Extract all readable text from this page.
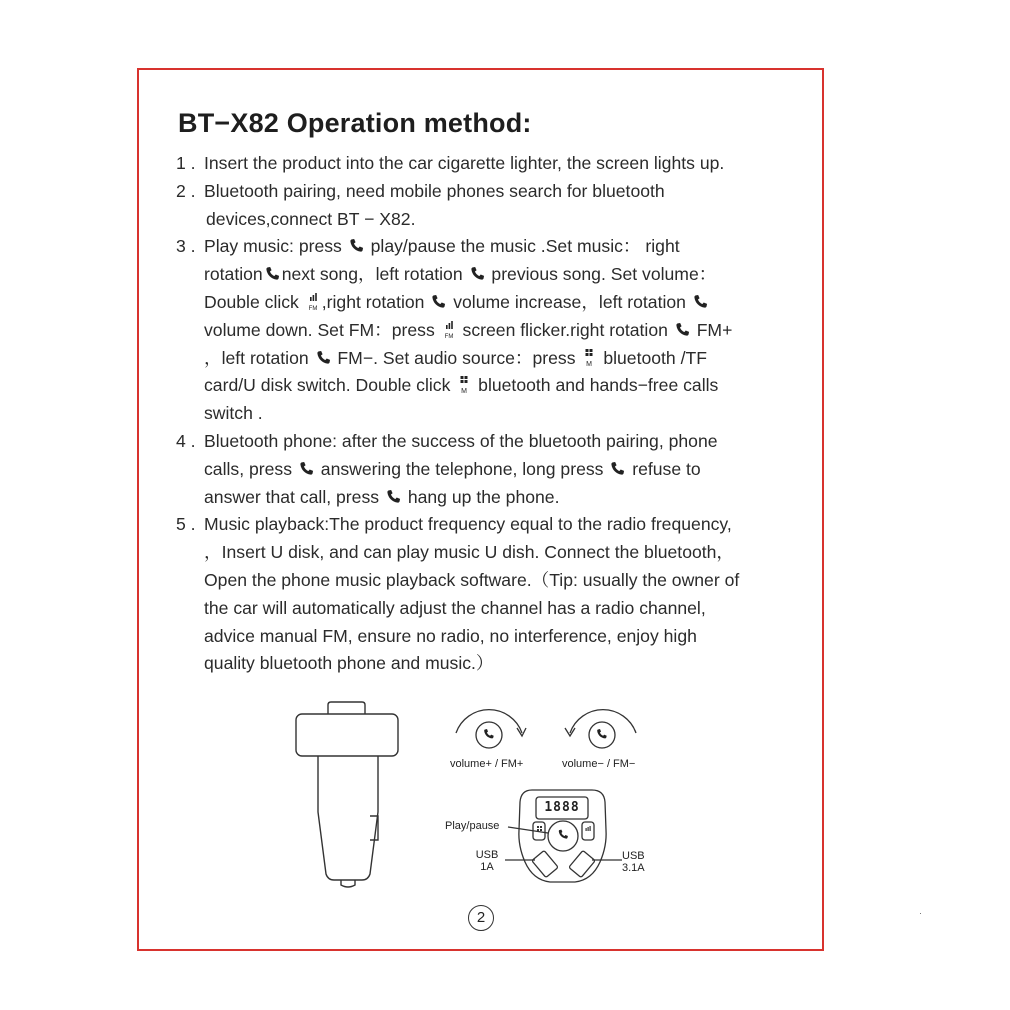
BT−X82 Operation method:
1 . Insert the product into the car cigarette lighter, the screen lights up.
2 . Bluetooth pairing, need mobile phones search for bluetooth
devices,connect BT − X82.
3 . Play music: press play/pause the music .Set music： right
rotation next song，left rotation previous song. Set volume：
Double click FM ,right rotation volume increase，left rotation
volume down. Set FM：press FM screen flicker.right rotation FM+
，left rotation FM−. Set audio source：press M bluetooth /TF
card/U disk switch. Double click M bluetooth and hands−free calls
switch .
4 . Bluetooth phone: after the success of the bluetooth pairing, phone
calls, press answering the telephone, long press refuse to
answer that call, press hang up the phone.
5 . Music playback:The product frequency equal to the radio frequency,
，Insert U disk, and can play music U dish. Connect the bluetooth，
Open the phone music playback software.（Tip: usually the owner of
the car will automatically adjust the channel has a radio channel,
advice manual FM, ensure no radio, no interference, enjoy high
quality bluetooth phone and music.）
volume+ / FM+	volume− / FM−
1888
Play/pause
USB
1A
USB
3.1A
2
